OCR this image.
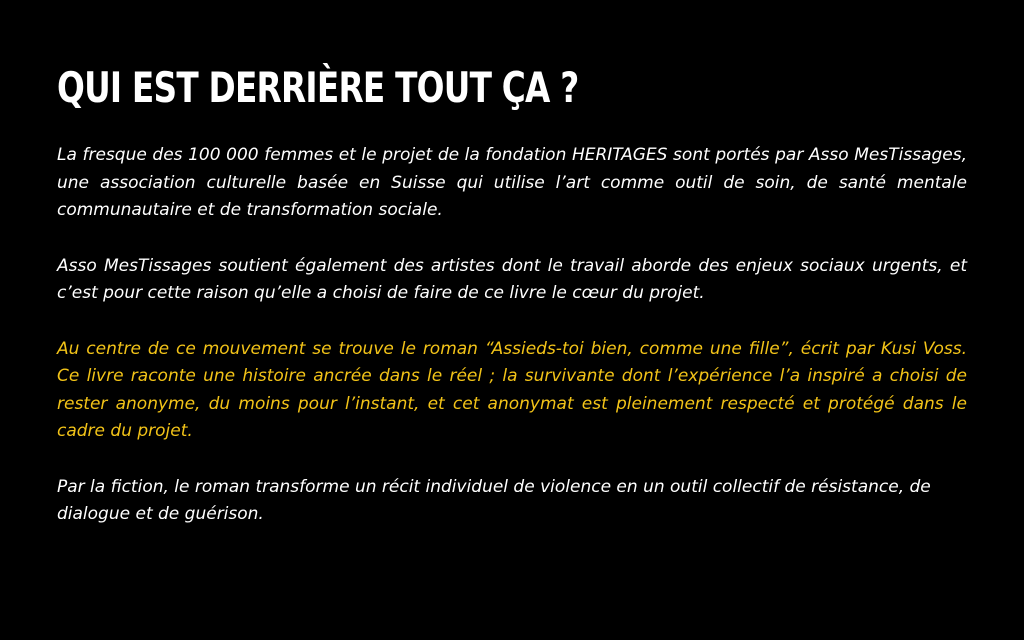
QUI EST DERRIÈRE TOUT ÇA ?

La fresque des 100 000 femmes et le projet de la fondation HERITAGES sont portés par Asso MesTissages, une association culturelle basée en Suisse qui utilise l’art comme outil de soin, de santé mentale communautaire et de transformation sociale.

Asso MesTissages soutient également des artistes dont le travail aborde des enjeux sociaux urgents, et c’est pour cette raison qu’elle a choisi de faire de ce livre le cœur du projet.

Au centre de ce mouvement se trouve le roman “Assieds-toi bien, comme une fille”, écrit par Kusi Voss. Ce livre raconte une histoire ancrée dans le réel ; la survivante dont l’expérience l’a inspiré a choisi de rester anonyme, du moins pour l’instant, et cet anonymat est pleinement respecté et protégé dans le cadre du projet.

Par la fiction, le roman transforme un récit individuel de violence en un outil collectif de résistance, de dialogue et de guérison.
